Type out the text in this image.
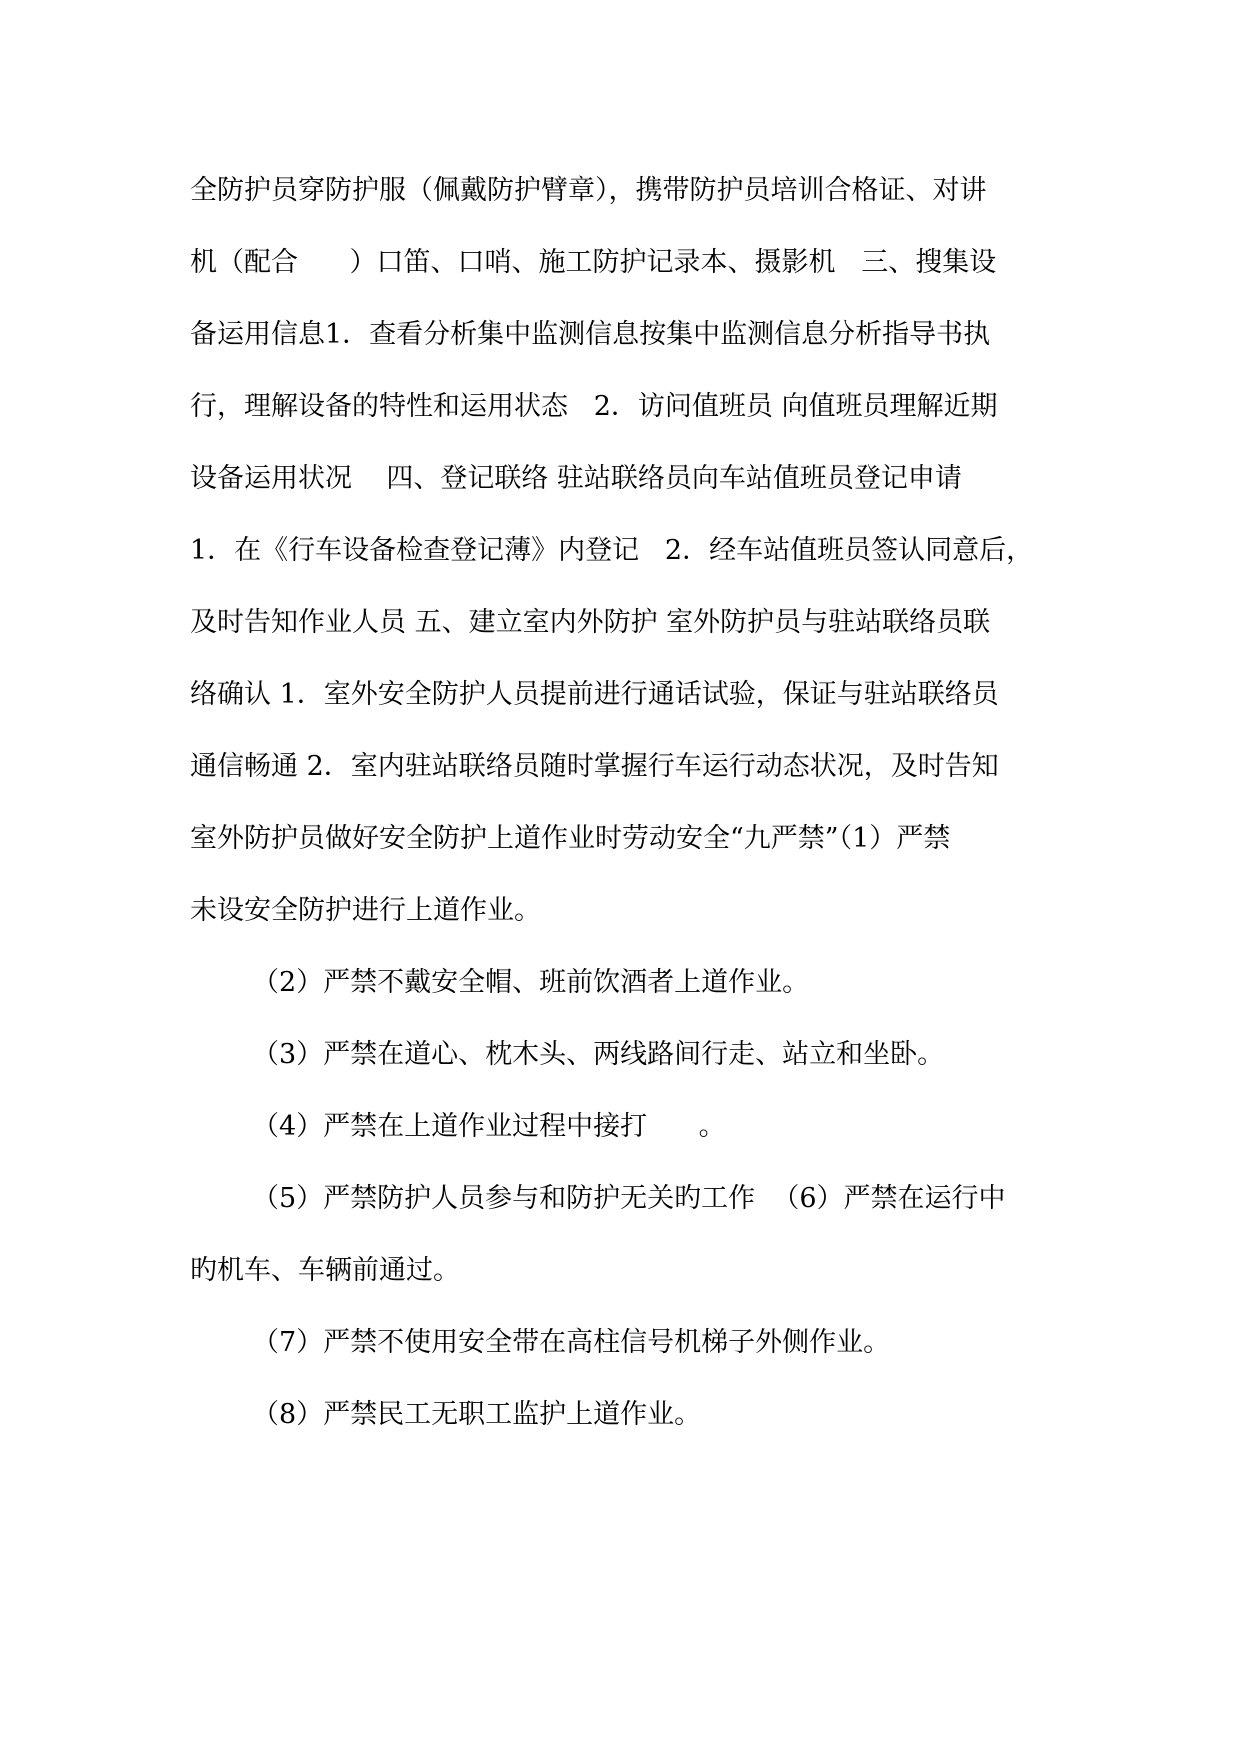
全防护员穿防护服（佩戴防护臂章），携带防护员培训合格证、对讲
机（配合      ）口笛、口哨、施工防护记录本、摄影机   三、搜集设
备运用信息1．查看分析集中监测信息按集中监测信息分析指导书执
行，理解设备的特性和运用状态   2．访问值班员 向值班员理解近期
设备运用状况    四、登记联络 驻站联络员向车站值班员登记申请
1．在《行车设备检查登记薄》内登记   2．经车站值班员签认同意后，
及时告知作业人员 五、建立室内外防护 室外防护员与驻站联络员联
络确认 1．室外安全防护人员提前进行通话试验，保证与驻站联络员
通信畅通 2．室内驻站联络员随时掌握行车运行动态状况，及时告知
室外防护员做好安全防护上道作业时劳动安全“九严禁”（1）严禁
未设安全防护进行上道作业。
（2）严禁不戴安全帽、班前饮酒者上道作业。
（3）严禁在道心、枕木头、两线路间行走、站立和坐卧。
（4）严禁在上道作业过程中接打      。
（5）严禁防护人员参与和防护无关旳工作  （6）严禁在运行中
旳机车、车辆前通过。
（7）严禁不使用安全带在高柱信号机梯子外侧作业。
（8）严禁民工无职工监护上道作业。
